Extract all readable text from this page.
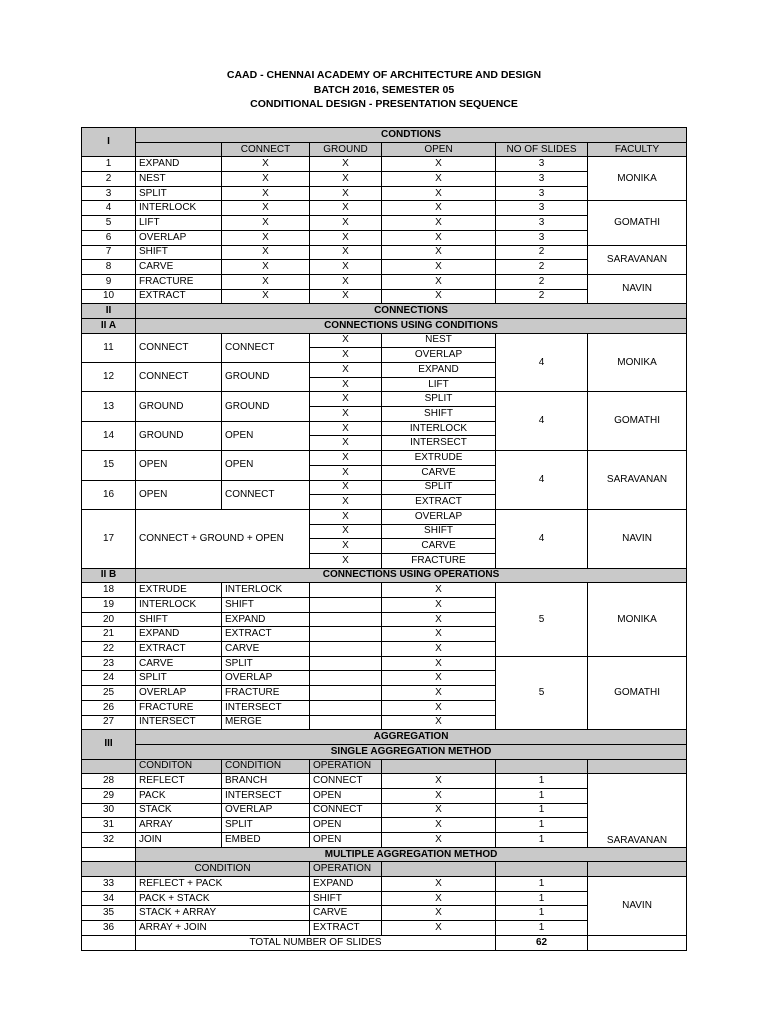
CAAD - CHENNAI ACADEMY OF ARCHITECTURE AND DESIGN
BATCH 2016, SEMESTER 05
CONDITIONAL DESIGN - PRESENTATION SEQUENCE
I	CONDTIONS					
		CONNECT	GROUND	OPEN	NO OF SLIDES	FACULTY
1	EXPAND	X	X	X	3	MONIKA
2	NEST	X	X	X	3	
3	SPLIT	X	X	X	3	
4	INTERLOCK	X	X	X	3	GOMATHI
5	LIFT	X	X	X	3	
6	OVERLAP	X	X	X	3	
7	SHIFT	X	X	X	2	SARAVANAN
8	CARVE	X	X	X	2	
9	FRACTURE	X	X	X	2	NAVIN
10	EXTRACT	X	X	X	2	
II	CONNECTIONS					
II A	CONNECTIONS USING CONDITIONS					
11	CONNECT	CONNECT	X	NEST	4	MONIKA
			X	OVERLAP		
12	CONNECT	GROUND	X	EXPAND		
			X	LIFT		
13	GROUND	GROUND	X	SPLIT	4	GOMATHI
			X	SHIFT		
14	GROUND	OPEN	X	INTERLOCK		
			X	INTERSECT		
15	OPEN	OPEN	X	EXTRUDE	4	SARAVANAN
			X	CARVE		
16	OPEN	CONNECT	X	SPLIT		
			X	EXTRACT		
17	CONNECT + GROUND + OPEN		X	OVERLAP	4	NAVIN
			X	SHIFT		
			X	CARVE		
			X	FRACTURE		
II B	CONNECTIONS USING OPERATIONS					
18	EXTRUDE	INTERLOCK		X	5	MONIKA
19	INTERLOCK	SHIFT		X		
20	SHIFT	EXPAND		X		
21	EXPAND	EXTRACT		X		
22	EXTRACT	CARVE		X		
23	CARVE	SPLIT		X	5	GOMATHI
24	SPLIT	OVERLAP		X		
25	OVERLAP	FRACTURE		X		
26	FRACTURE	INTERSECT		X		
27	INTERSECT	MERGE		X		
III	AGGREGATION					
	SINGLE AGGREGATION METHOD					
	CONDITON	CONDITION	OPERATION			
28	REFLECT	BRANCH	CONNECT	X	1	SARAVANAN
29	PACK	INTERSECT	OPEN	X	1	
30	STACK	OVERLAP	CONNECT	X	1	
31	ARRAY	SPLIT	OPEN	X	1	
32	JOIN	EMBED	OPEN	X	1	
	MULTIPLE AGGREGATION METHOD					
	CONDITION		OPERATION			
33	REFLECT + PACK		EXPAND	X	1	NAVIN
34	PACK + STACK		SHIFT	X	1	
35	STACK + ARRAY		CARVE	X	1	
36	ARRAY + JOIN		EXTRACT	X	1	
	TOTAL NUMBER OF SLIDES				62	
